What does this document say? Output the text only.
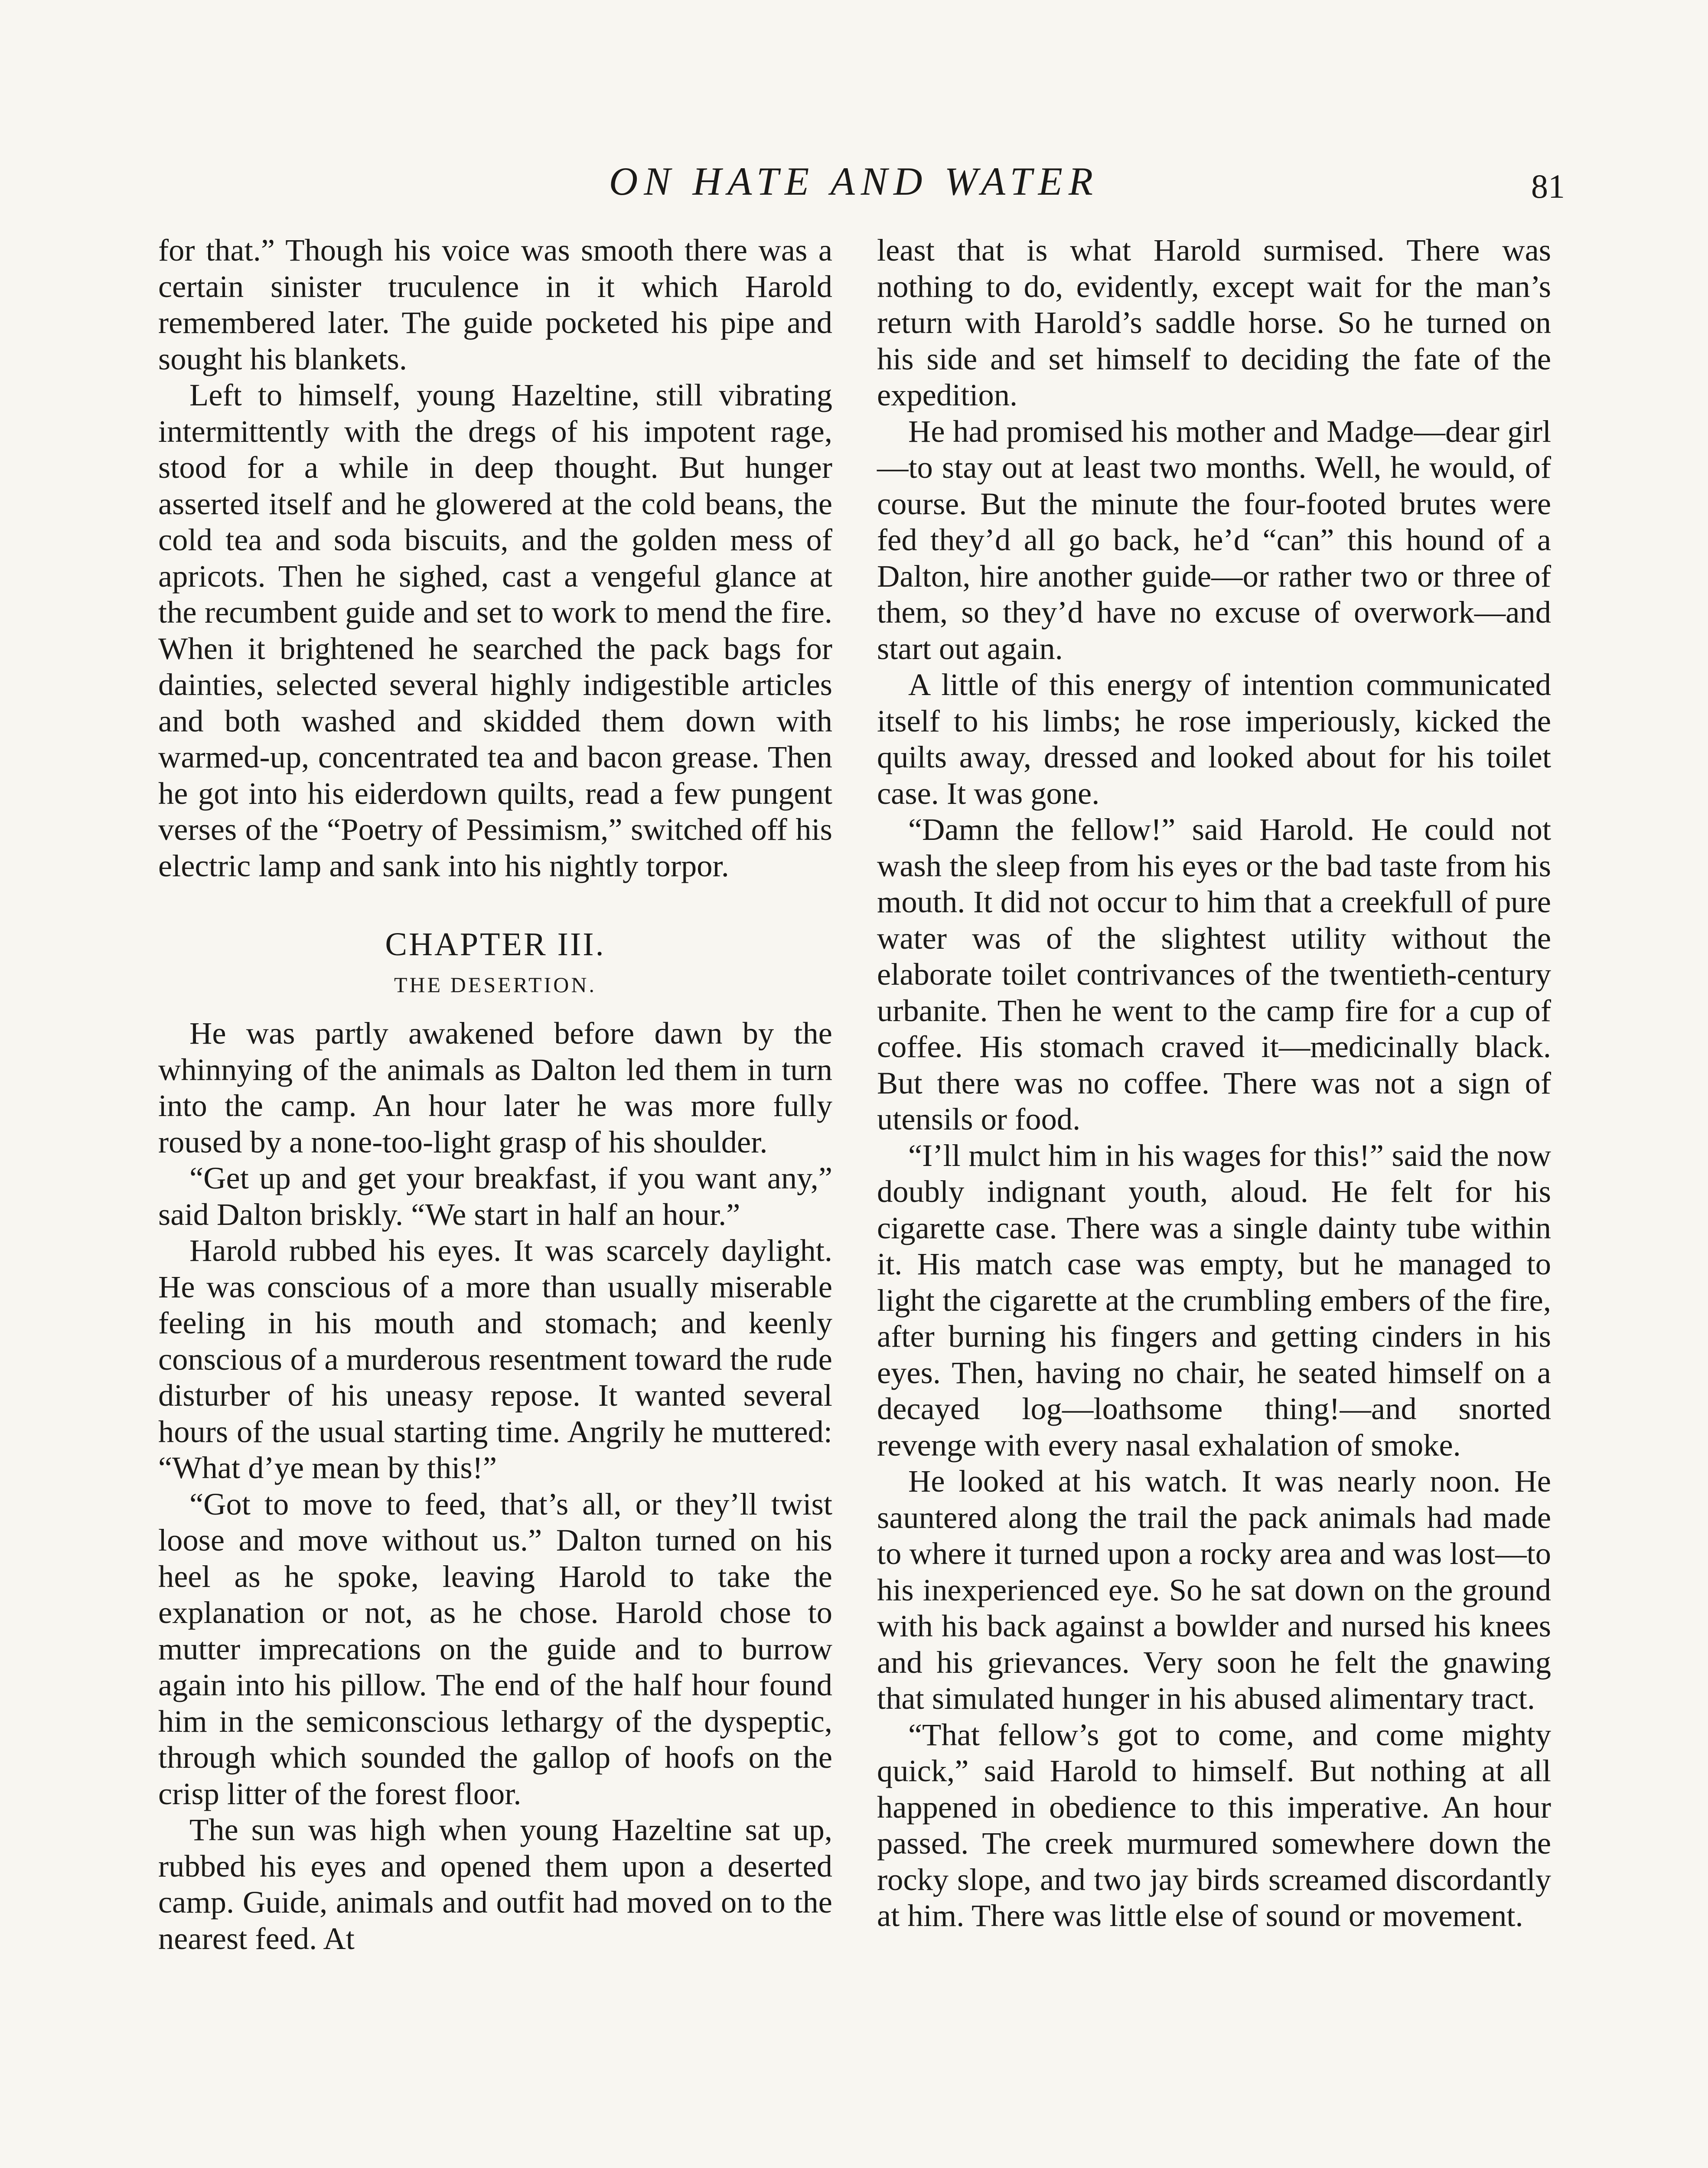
ON HATE AND WATER	81

for that.” Though his voice was smooth there was a certain sinister truculence in it which Harold remembered later. The guide pocketed his pipe and sought his blankets.

Left to himself, young Hazeltine, still vibrating intermittently with the dregs of his impotent rage, stood for a while in deep thought. But hunger asserted itself and he glowered at the cold beans, the cold tea and soda biscuits, and the golden mess of apricots. Then he sighed, cast a vengeful glance at the recumbent guide and set to work to mend the fire. When it brightened he searched the pack bags for dainties, selected several highly indigestible articles and both washed and skidded them down with warmed-up, concentrated tea and bacon grease. Then he got into his eiderdown quilts, read a few pungent verses of the “Poetry of Pessimism,” switched off his electric lamp and sank into his nightly torpor.

CHAPTER III.
THE DESERTION.

He was partly awakened before dawn by the whinnying of the animals as Dalton led them in turn into the camp. An hour later he was more fully roused by a none-too-light grasp of his shoulder.

“Get up and get your breakfast, if you want any,” said Dalton briskly. “We start in half an hour.”

Harold rubbed his eyes. It was scarcely daylight. He was conscious of a more than usually miserable feeling in his mouth and stomach; and keenly conscious of a murderous resentment toward the rude disturber of his uneasy repose. It wanted several hours of the usual starting time. Angrily he muttered: “What d’ye mean by this!”

“Got to move to feed, that’s all, or they’ll twist loose and move without us.” Dalton turned on his heel as he spoke, leaving Harold to take the explanation or not, as he chose. Harold chose to mutter imprecations on the guide and to burrow again into his pillow. The end of the half hour found him in the semiconscious lethargy of the dyspeptic, through which sounded the gallop of hoofs on the crisp litter of the forest floor.

The sun was high when young Hazeltine sat up, rubbed his eyes and opened them upon a deserted camp. Guide, animals and outfit had moved on to the nearest feed. At

least that is what Harold surmised. There was nothing to do, evidently, except wait for the man’s return with Harold’s saddle horse. So he turned on his side and set himself to deciding the fate of the expedition.

He had promised his mother and Madge—dear girl—to stay out at least two months. Well, he would, of course. But the minute the four-footed brutes were fed they’d all go back, he’d “can” this hound of a Dalton, hire another guide—or rather two or three of them, so they’d have no excuse of overwork—and start out again.

A little of this energy of intention communicated itself to his limbs; he rose imperiously, kicked the quilts away, dressed and looked about for his toilet case. It was gone.

“Damn the fellow!” said Harold. He could not wash the sleep from his eyes or the bad taste from his mouth. It did not occur to him that a creekfull of pure water was of the slightest utility without the elaborate toilet contrivances of the twentieth-century urbanite. Then he went to the camp fire for a cup of coffee. His stomach craved it—medicinally black. But there was no coffee. There was not a sign of utensils or food.

“I’ll mulct him in his wages for this!” said the now doubly indignant youth, aloud. He felt for his cigarette case. There was a single dainty tube within it. His match case was empty, but he managed to light the cigarette at the crumbling embers of the fire, after burning his fingers and getting cinders in his eyes. Then, having no chair, he seated himself on a decayed log—loathsome thing!—and snorted revenge with every nasal exhalation of smoke.

He looked at his watch. It was nearly noon. He sauntered along the trail the pack animals had made to where it turned upon a rocky area and was lost—to his inexperienced eye. So he sat down on the ground with his back against a bowlder and nursed his knees and his grievances. Very soon he felt the gnawing that simulated hunger in his abused alimentary tract.

“That fellow’s got to come, and come mighty quick,” said Harold to himself. But nothing at all happened in obedience to this imperative. An hour passed. The creek murmured somewhere down the rocky slope, and two jay birds screamed discordantly at him. There was little else of sound or movement.
